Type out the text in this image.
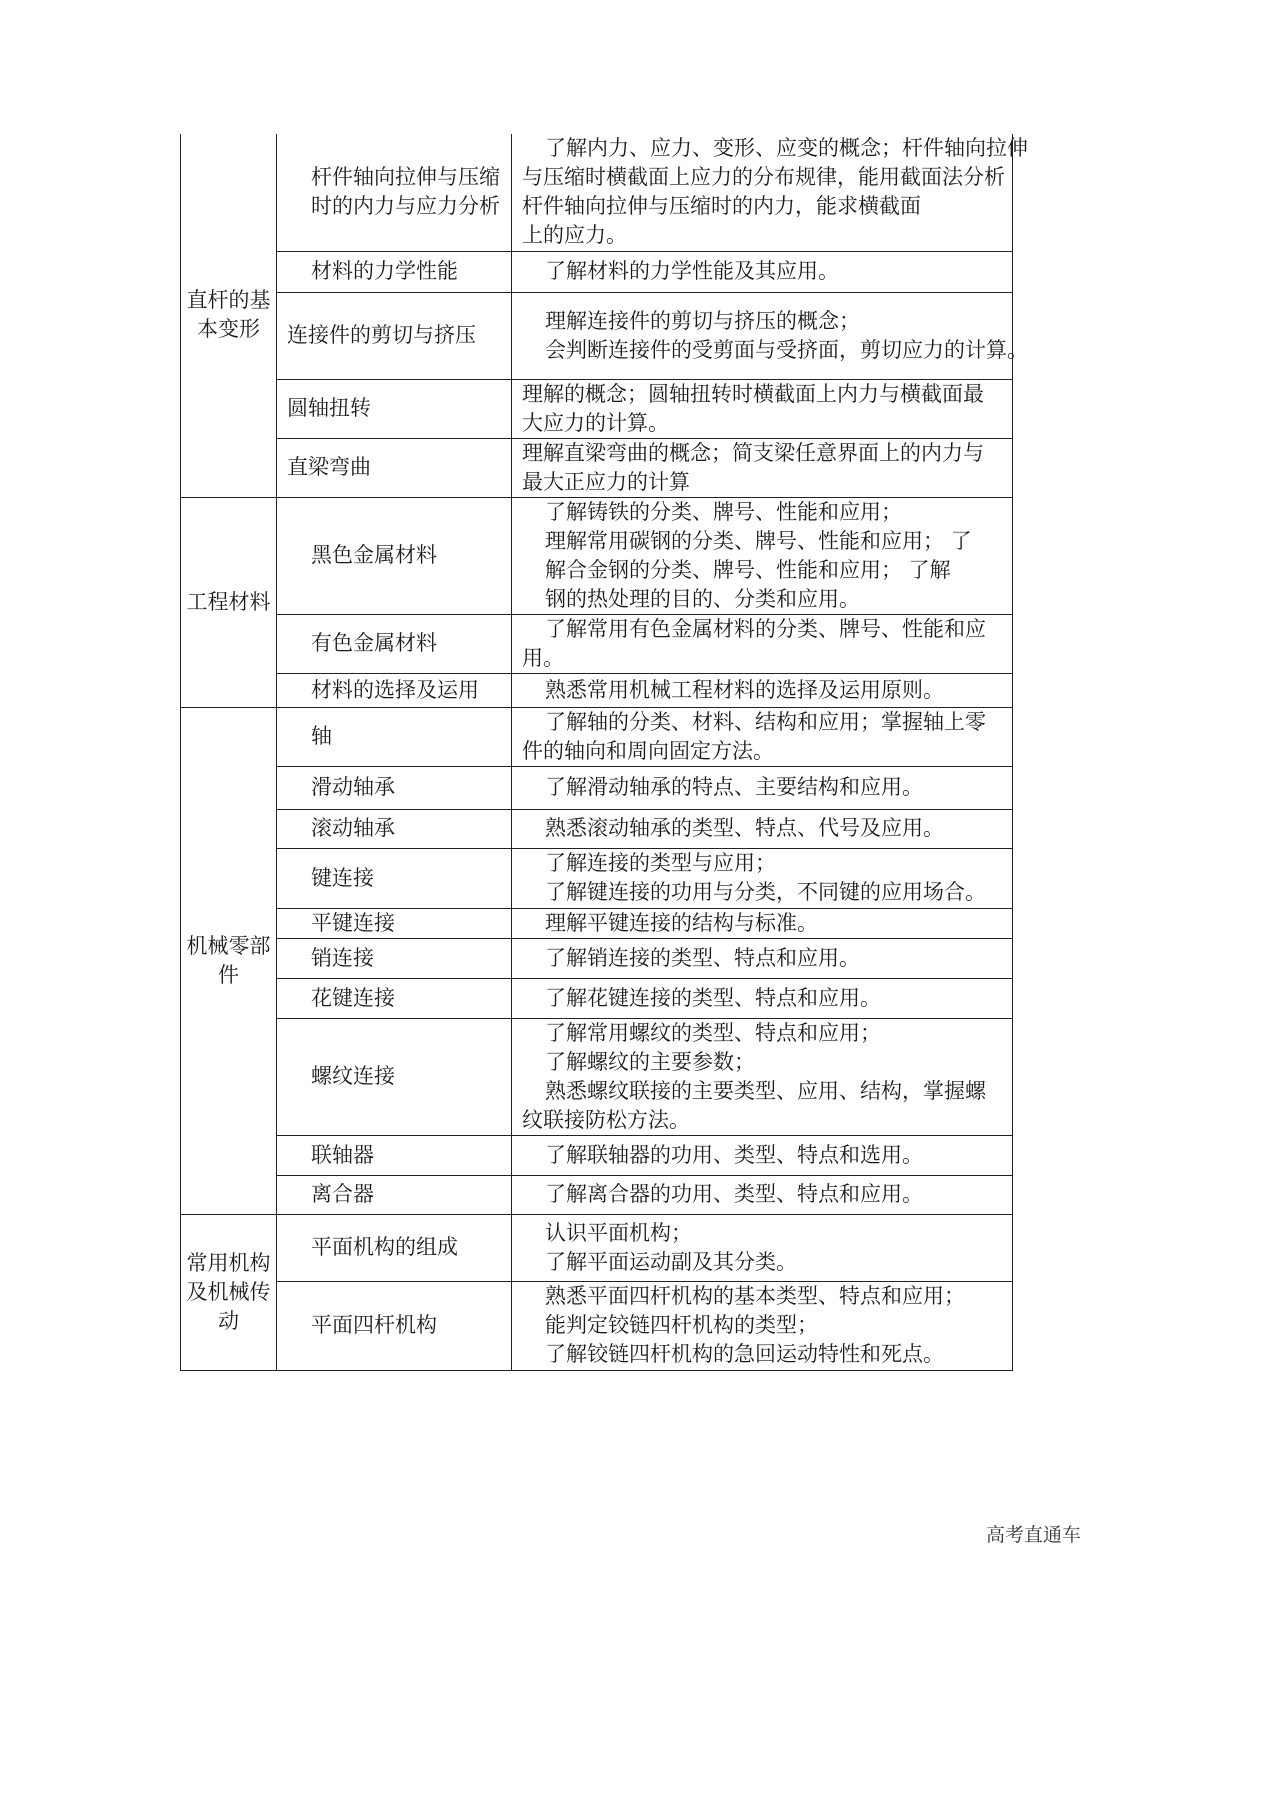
直杆的基本变形	杆件轴向拉伸与压缩时的内力与应力分析	了解内力、应力、变形、应变的概念；杆件轴向拉伸
与压缩时横截面上应力的分布规律，能用截面法分析
杆件轴向拉伸与压缩时的内力，能求横截面
上的应力。

	材料的力学性能	了解材料的力学性能及其应用。

	连接件的剪切与挤压	理解连接件的剪切与挤压的概念；
会判断连接件的受剪面与受挤面，剪切应力的计算。

	圆轴扭转	理解的概念；圆轴扭转时横截面上内力与横截面最
大应力的计算。

	直梁弯曲	理解直梁弯曲的概念；简支梁任意界面上的内力与
最大正应力的计算

工程材料	黑色金属材料	了解铸铁的分类、牌号、性能和应用；
理解常用碳钢的分类、牌号、性能和应用； 了
解合金钢的分类、牌号、性能和应用； 了解
钢的热处理的目的、分类和应用。

	有色金属材料	了解常用有色金属材料的分类、牌号、性能和应
用。

	材料的选择及运用	熟悉常用机械工程材料的选择及运用原则。

机械零部件	轴	了解轴的分类、材料、结构和应用；掌握轴上零
件的轴向和周向固定方法。

	滑动轴承	了解滑动轴承的特点、主要结构和应用。

	滚动轴承	熟悉滚动轴承的类型、特点、代号及应用。

	键连接	了解连接的类型与应用；
了解键连接的功用与分类，不同键的应用场合。

	平键连接	理解平键连接的结构与标准。

	销连接	了解销连接的类型、特点和应用。

	花键连接	了解花键连接的类型、特点和应用。

	螺纹连接	了解常用螺纹的类型、特点和应用；
了解螺纹的主要参数；
熟悉螺纹联接的主要类型、应用、结构，掌握螺
纹联接防松方法。

	联轴器	了解联轴器的功用、类型、特点和选用。

	离合器	了解离合器的功用、类型、特点和应用。

常用机构及机械传动	平面机构的组成	认识平面机构；
了解平面运动副及其分类。

	平面四杆机构	熟悉平面四杆机构的基本类型、特点和应用；
能判定铰链四杆机构的类型；
了解铰链四杆机构的急回运动特性和死点。
高考直通车
